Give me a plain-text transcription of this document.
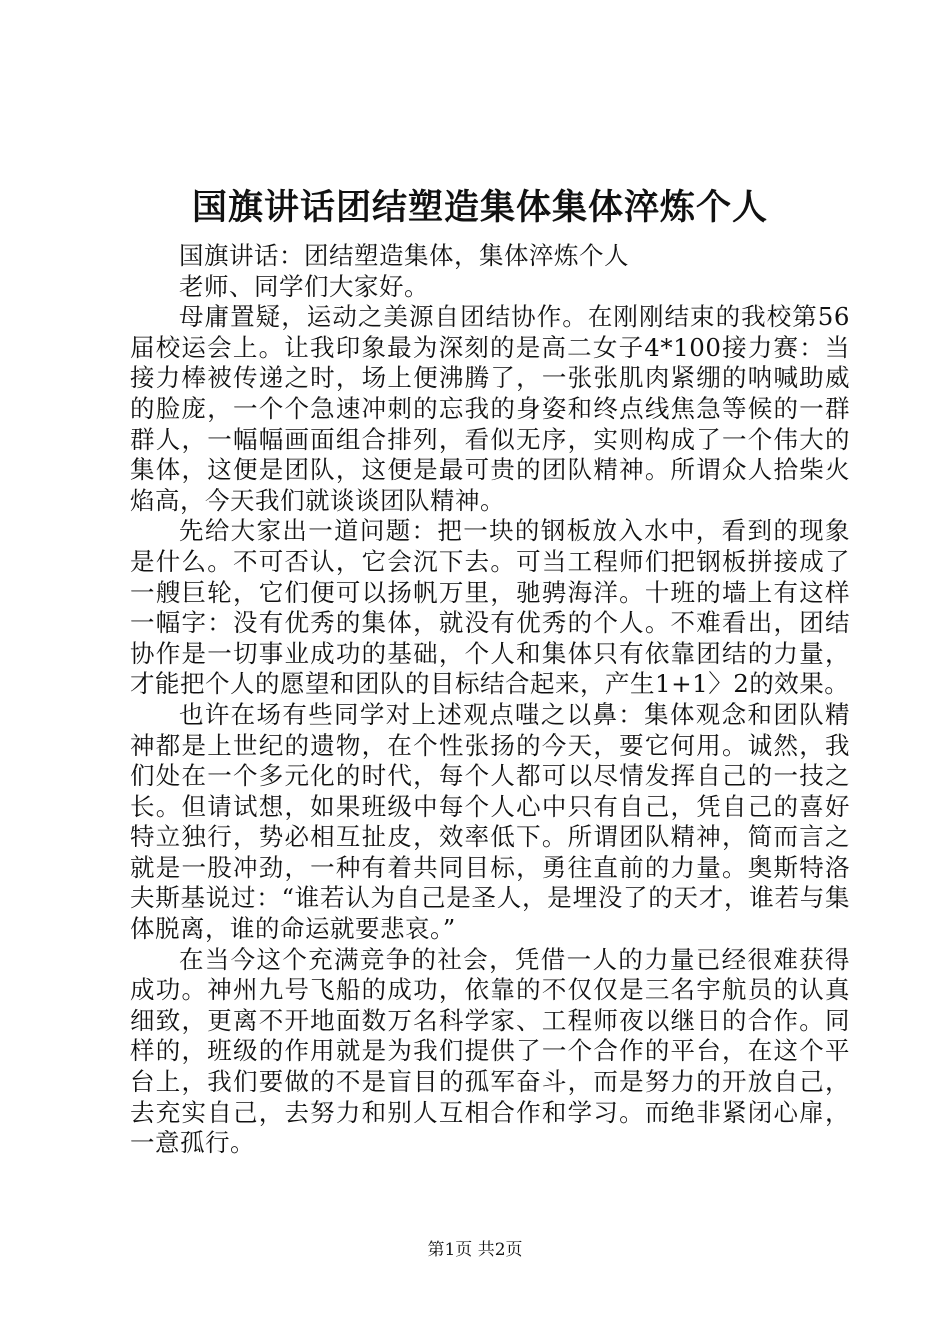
国旗讲话团结塑造集体集体淬炼个人

国旗讲话：团结塑造集体，集体淬炼个人

老师、同学们大家好。

母庸置疑，运动之美源自团结协作。在刚刚结束的我校第56届校运会上。让我印象最为深刻的是高二女子4*100接力赛：当接力棒被传递之时，场上便沸腾了，一张张肌肉紧绷的呐喊助威的脸庞，一个个急速冲刺的忘我的身姿和终点线焦急等候的一群群人，一幅幅画面组合排列，看似无序，实则构成了一个伟大的集体，这便是团队，这便是最可贵的团队精神。所谓众人拾柴火焰高，今天我们就谈谈团队精神。

先给大家出一道问题：把一块的钢板放入水中，看到的现象是什么。不可否认，它会沉下去。可当工程师们把钢板拼接成了一艘巨轮，它们便可以扬帆万里，驰骋海洋。十班的墙上有这样一幅字：没有优秀的集体，就没有优秀的个人。不难看出，团结协作是一切事业成功的基础，个人和集体只有依靠团结的力量，才能把个人的愿望和团队的目标结合起来，产生1+1〉2的效果。

也许在场有些同学对上述观点嗤之以鼻：集体观念和团队精神都是上世纪的遗物，在个性张扬的今天，要它何用。诚然，我们处在一个多元化的时代，每个人都可以尽情发挥自己的一技之长。但请试想，如果班级中每个人心中只有自己，凭自己的喜好特立独行，势必相互扯皮，效率低下。所谓团队精神，简而言之就是一股冲劲，一种有着共同目标，勇往直前的力量。奥斯特洛夫斯基说过：“谁若认为自己是圣人，是埋没了的天才，谁若与集体脱离，谁的命运就要悲哀。”

在当今这个充满竞争的社会，凭借一人的力量已经很难获得成功。神州九号飞船的成功，依靠的不仅仅是三名宇航员的认真细致，更离不开地面数万名科学家、工程师夜以继日的合作。同样的，班级的作用就是为我们提供了一个合作的平台，在这个平台上，我们要做的不是盲目的孤军奋斗，而是努力的开放自己，去充实自己，去努力和别人互相合作和学习。而绝非紧闭心扉，一意孤行。

第1页 共2页
